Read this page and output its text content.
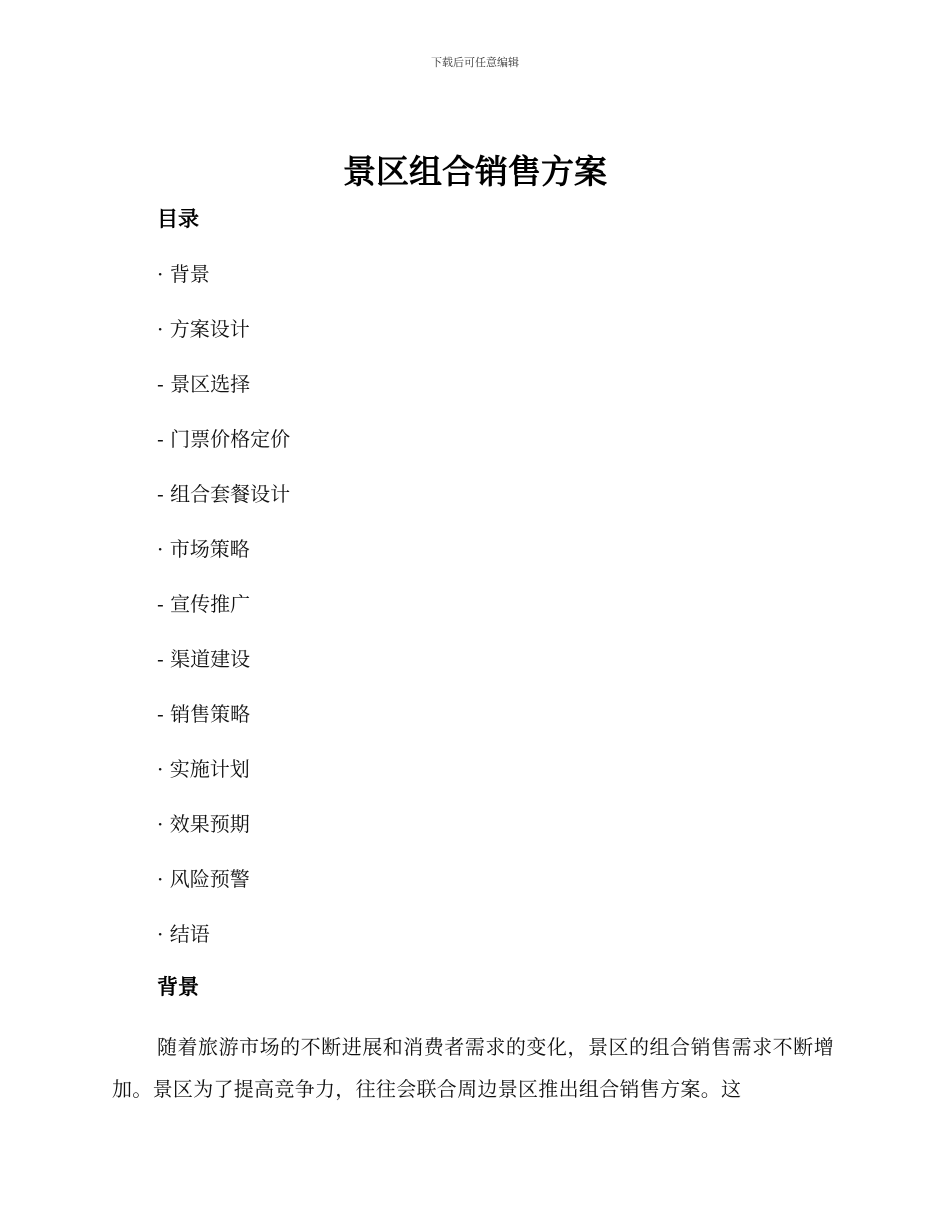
下载后可任意编辑
景区组合销售方案
目录
· 背景
· 方案设计
- 景区选择
- 门票价格定价
- 组合套餐设计
· 市场策略
- 宣传推广
- 渠道建设
- 销售策略
· 实施计划
· 效果预期
· 风险预警
· 结语
背景

随着旅游市场的不断进展和消费者需求的变化，景区的组合销售需求不断增加。景区为了提高竞争力，往往会联合周边景区推出组合销售方案。这
